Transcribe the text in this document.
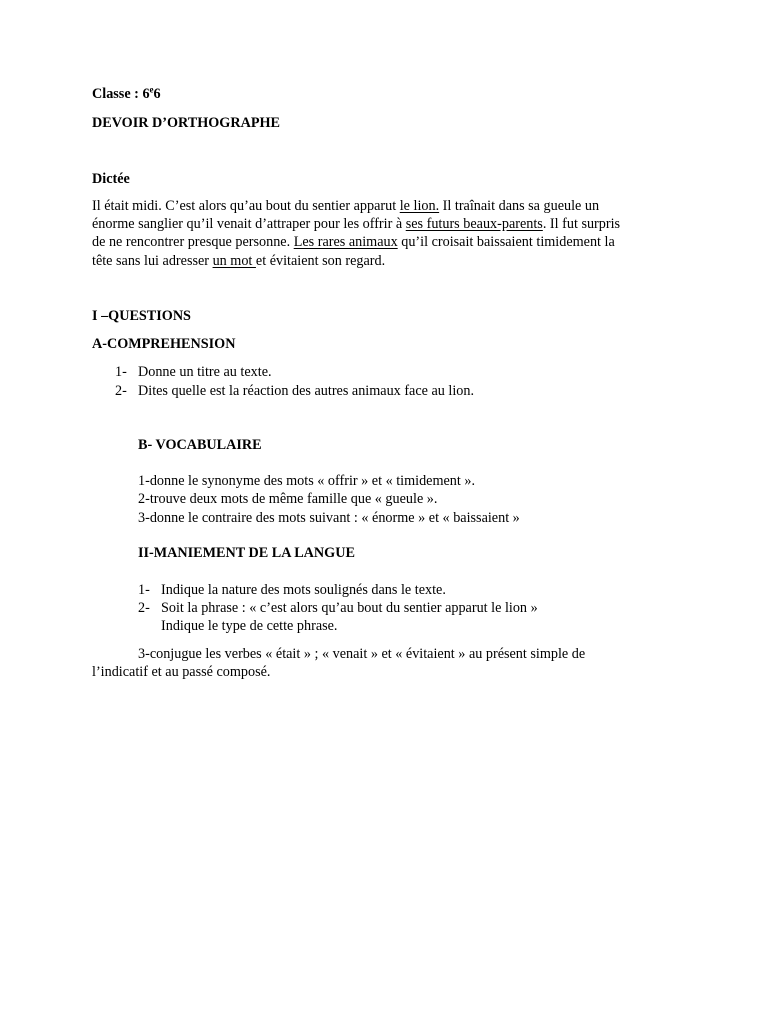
Classe : 6e6
DEVOIR D’ORTHOGRAPHE
Dictée
Il était midi. C’est alors qu’au bout du sentier apparut le lion. Il traînait dans sa gueule un
énorme sanglier qu’il venait d’attraper pour les offrir à ses futurs beaux-parents. Il fut surpris
de ne rencontrer presque personne. Les rares animaux qu’il croisait baissaient timidement la
tête sans lui adresser un mot et évitaient son regard.
I –QUESTIONS
A-COMPREHENSION
1- Donne un titre au texte.
2- Dites quelle est la réaction des autres animaux face au lion.
B- VOCABULAIRE
1-donne le synonyme des mots « offrir » et « timidement ».
2-trouve deux mots de même famille que « gueule ».
3-donne le contraire des mots suivant : « énorme » et « baissaient »
II-MANIEMENT DE LA LANGUE
1- Indique la nature des mots soulignés dans le texte.
2- Soit la phrase : « c’est alors qu’au bout du sentier apparut le lion »
Indique le type de cette phrase.
3-conjugue les verbes « était » ; « venait » et « évitaient » au présent simple de
l’indicatif et au passé composé.
